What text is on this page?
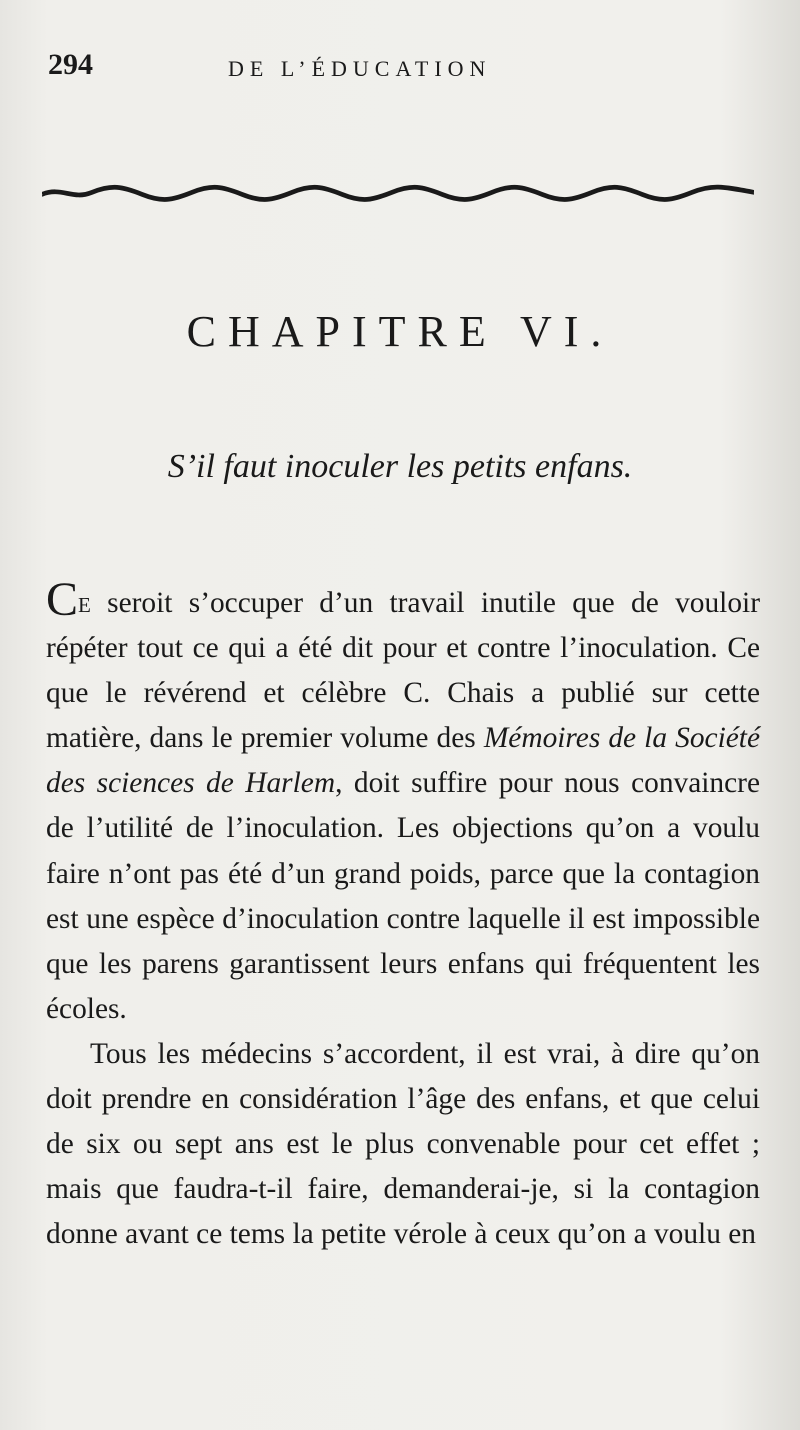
294	DE L’ÉDUCATION
CHAPITRE VI.
S’il faut inoculer les petits enfans.

Ce seroit s’occuper d’un travail inutile que de vouloir répéter tout ce qui a été dit pour et contre l’inoculation. Ce que le révérend et célèbre C. Chais a publié sur cette matière, dans le premier volume des Mémoires de la Société des sciences de Harlem, doit suffire pour nous convaincre de l’utilité de l’inoculation. Les objections qu’on a voulu faire n’ont pas été d’un grand poids, parce que la contagion est une espèce d’inoculation contre laquelle il est impossible que les parens garantissent leurs enfans qui fréquentent les écoles.

Tous les médecins s’accordent, il est vrai, à dire qu’on doit prendre en considération l’âge des enfans, et que celui de six ou sept ans est le plus convenable pour cet effet ; mais que faudra-t-il faire, demanderai-je, si la contagion donne avant ce tems la petite vérole à ceux qu’on a voulu en
